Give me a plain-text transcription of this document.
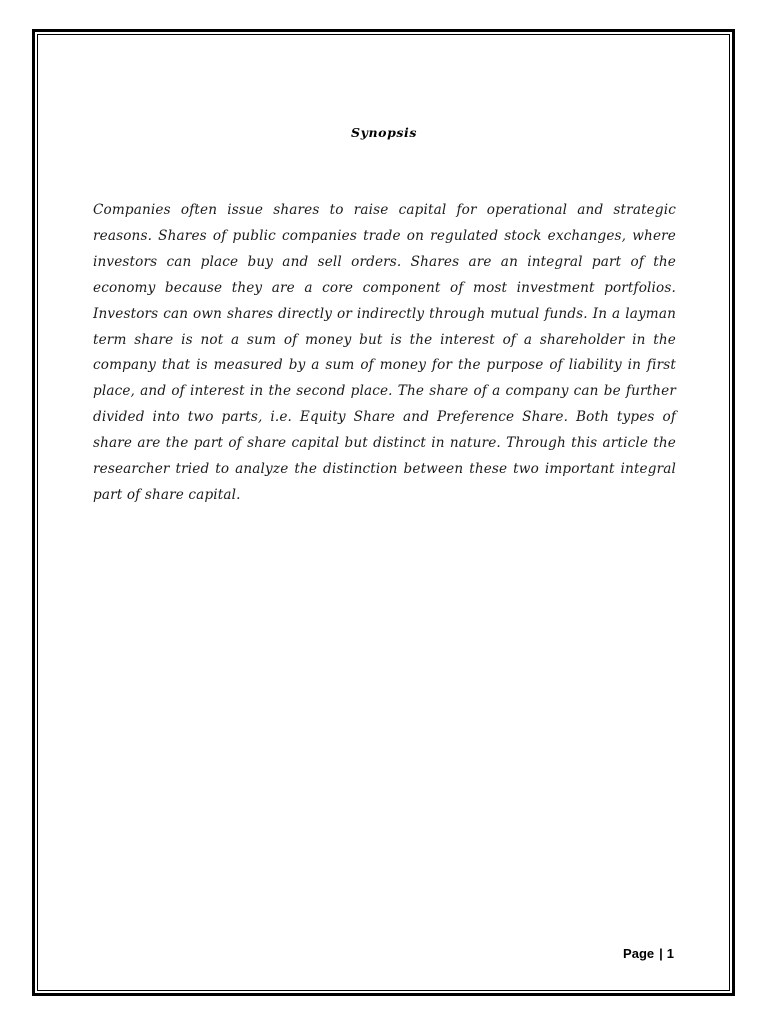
Synopsis

Companies often issue shares to raise capital for operational and strategic reasons. Shares of public companies trade on regulated stock exchanges, where investors can place buy and sell orders. Shares are an integral part of the economy because they are a core component of most investment portfolios. Investors can own shares directly or indirectly through mutual funds. In a layman term share is not a sum of money but is the interest of a shareholder in the company that is measured by a sum of money for the purpose of liability in first place, and of interest in the second place. The share of a company can be further divided into two parts, i.e. Equity Share and Preference Share. Both types of share are the part of share capital but distinct in nature. Through this article the researcher tried to analyze the distinction between these two important integral part of share capital.

Page | 1
